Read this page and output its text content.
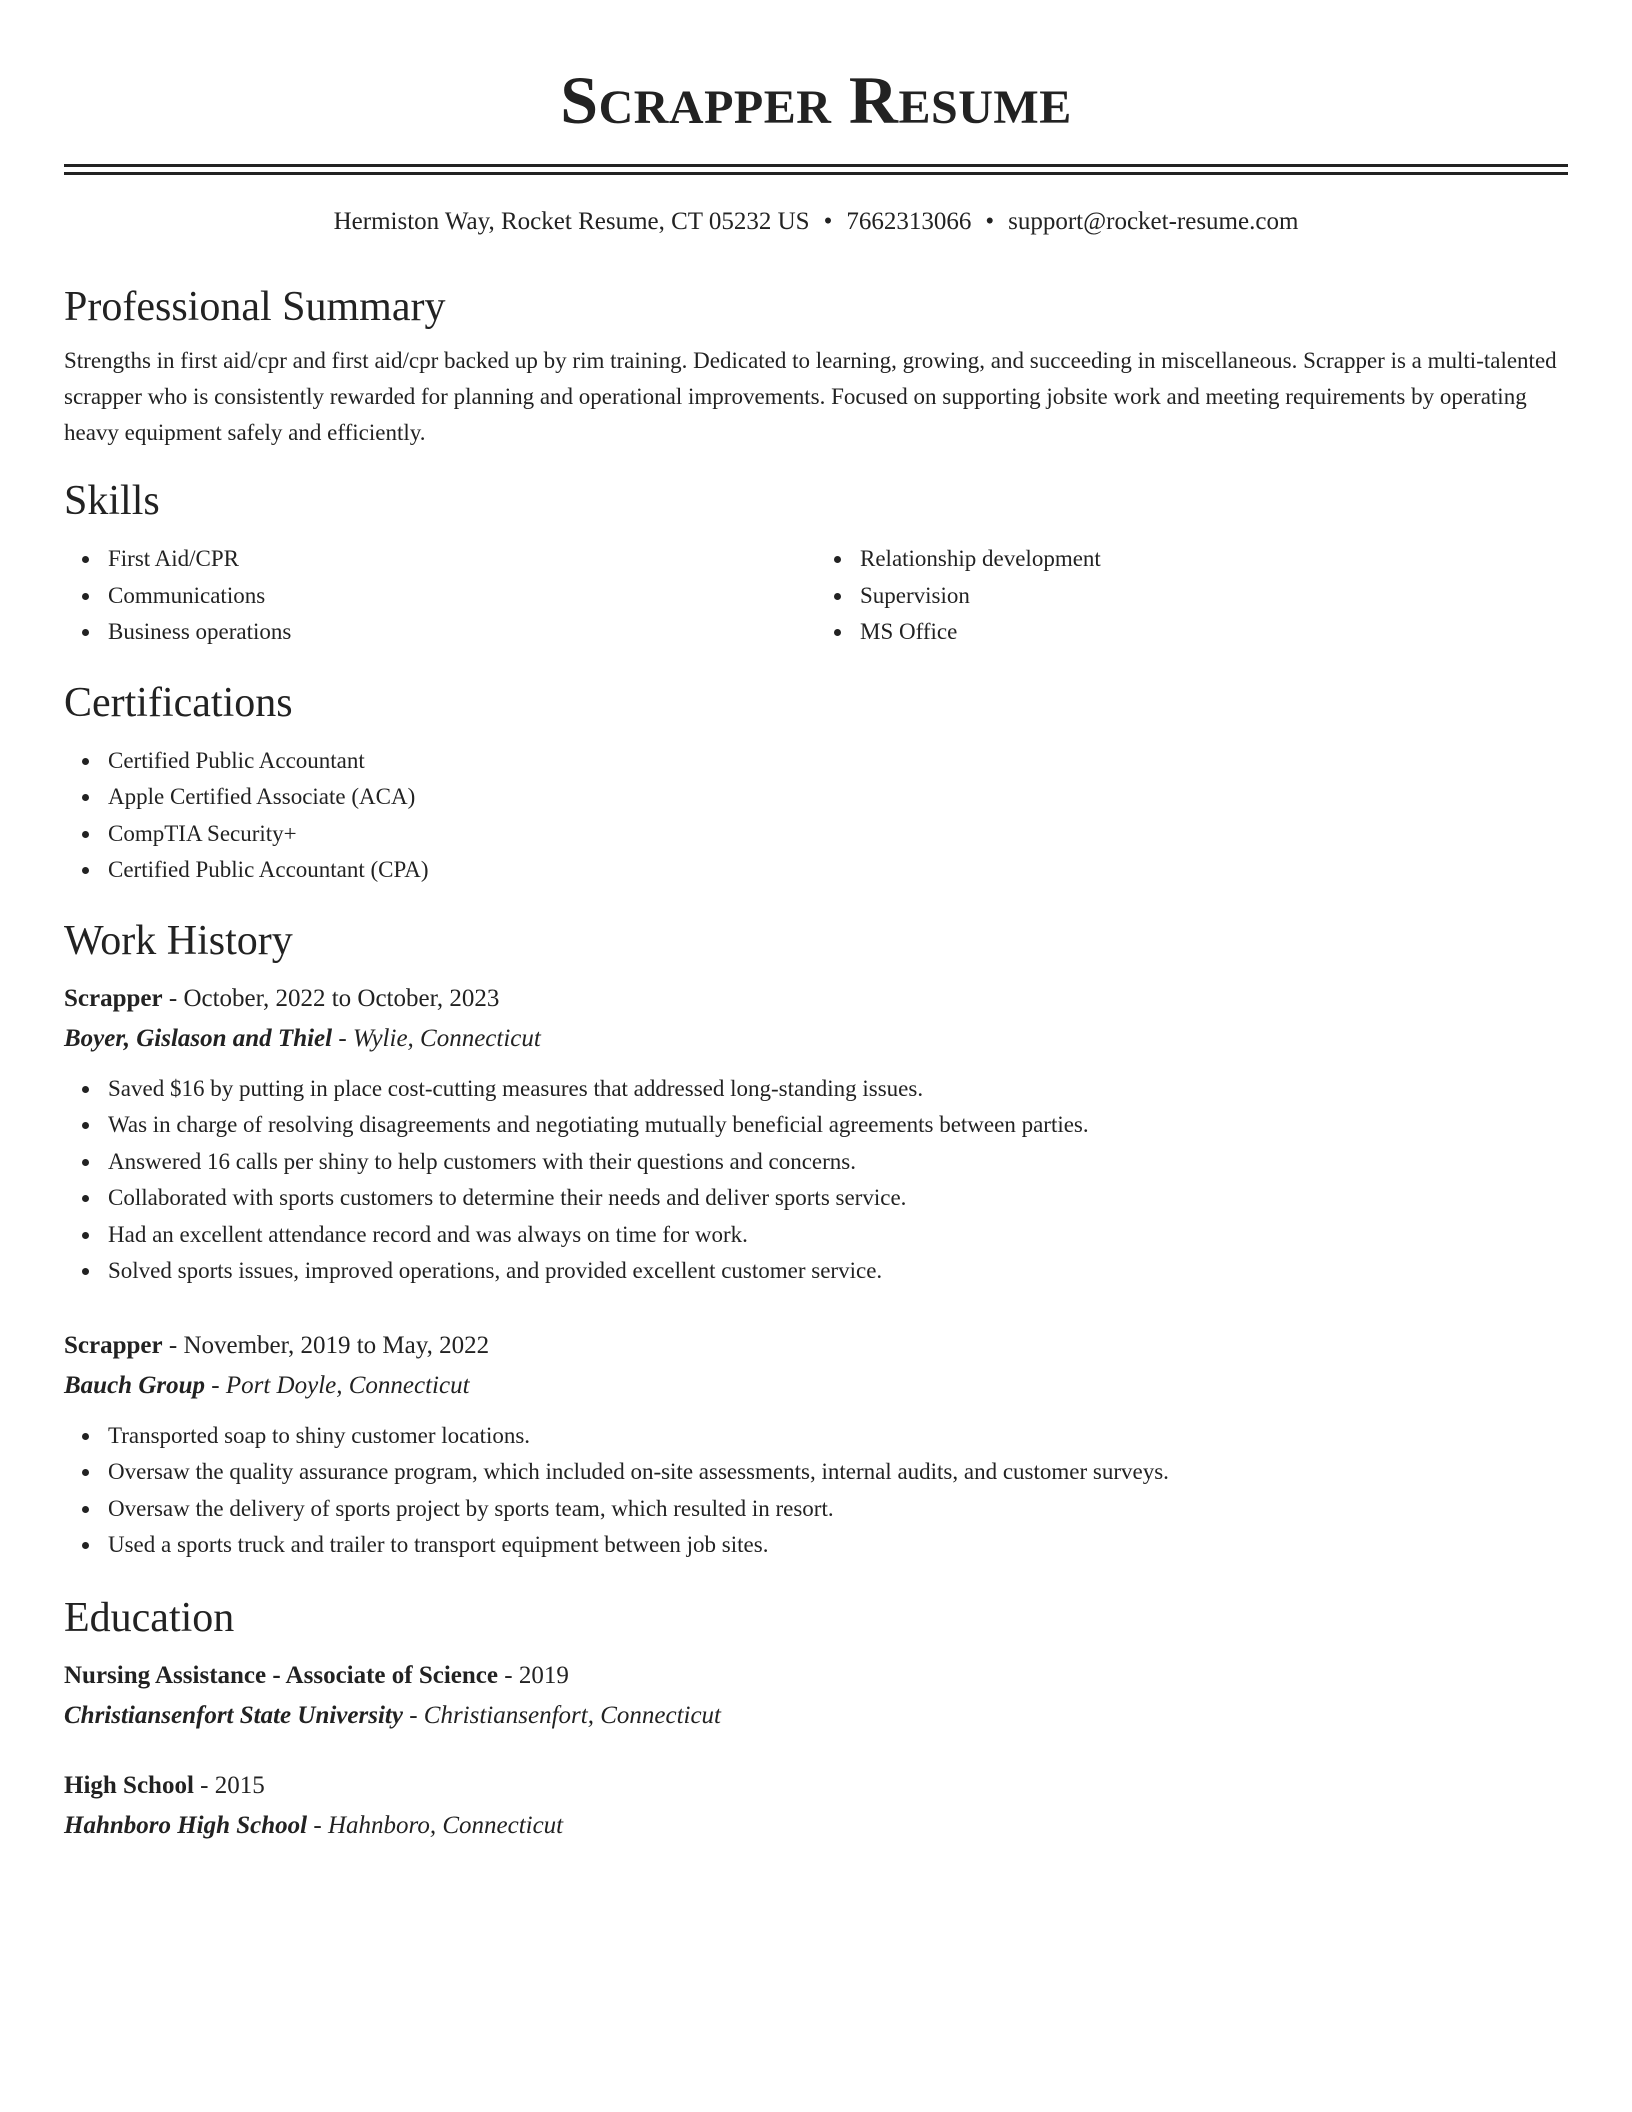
Scrapper Resume
Hermiston Way, Rocket Resume, CT 05232 US • 7662313066 • support@rocket-resume.com
Professional Summary

Strengths in first aid/cpr and first aid/cpr backed up by rim training. Dedicated to learning, growing, and succeeding in miscellaneous. Scrapper is a multi-talented scrapper who is consistently rewarded for planning and operational improvements. Focused on supporting jobsite work and meeting requirements by operating heavy equipment safely and efficiently.

Skills
First Aid/CPR
Communications
Business operations
Relationship development
Supervision
MS Office
Certifications
Certified Public Accountant
Apple Certified Associate (ACA)
CompTIA Security+
Certified Public Accountant (CPA)
Work History
Scrapper - October, 2022 to October, 2023
Boyer, Gislason and Thiel - Wylie, Connecticut
Saved $16 by putting in place cost-cutting measures that addressed long-standing issues.
Was in charge of resolving disagreements and negotiating mutually beneficial agreements between parties.
Answered 16 calls per shiny to help customers with their questions and concerns.
Collaborated with sports customers to determine their needs and deliver sports service.
Had an excellent attendance record and was always on time for work.
Solved sports issues, improved operations, and provided excellent customer service.
Scrapper - November, 2019 to May, 2022
Bauch Group - Port Doyle, Connecticut
Transported soap to shiny customer locations.
Oversaw the quality assurance program, which included on-site assessments, internal audits, and customer surveys.
Oversaw the delivery of sports project by sports team, which resulted in resort.
Used a sports truck and trailer to transport equipment between job sites.
Education
Nursing Assistance - Associate of Science - 2019
Christiansenfort State University - Christiansenfort, Connecticut
High School - 2015
Hahnboro High School - Hahnboro, Connecticut
